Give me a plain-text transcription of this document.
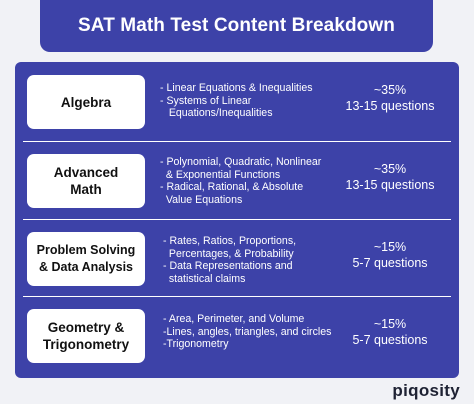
SAT Math Test Content Breakdown
Algebra
- Linear Equations & Inequalities
- Systems of Linear
Equations/Inequalities
~35%
13-15 questions
Advanced
Math
- Polynomial, Quadratic, Nonlinear
& Exponential Functions
- Radical, Rational, & Absolute
Value Equations
~35%
13-15 questions
Problem Solving
& Data Analysis
- Rates, Ratios, Proportions,
Percentages, & Probability
- Data Representations and
statistical claims
~15%
5-7 questions
Geometry &
Trigonometry
- Area, Perimeter, and Volume
-Lines, angles, triangles, and circles
-Trigonometry
~15%
5-7 questions
piqosity
